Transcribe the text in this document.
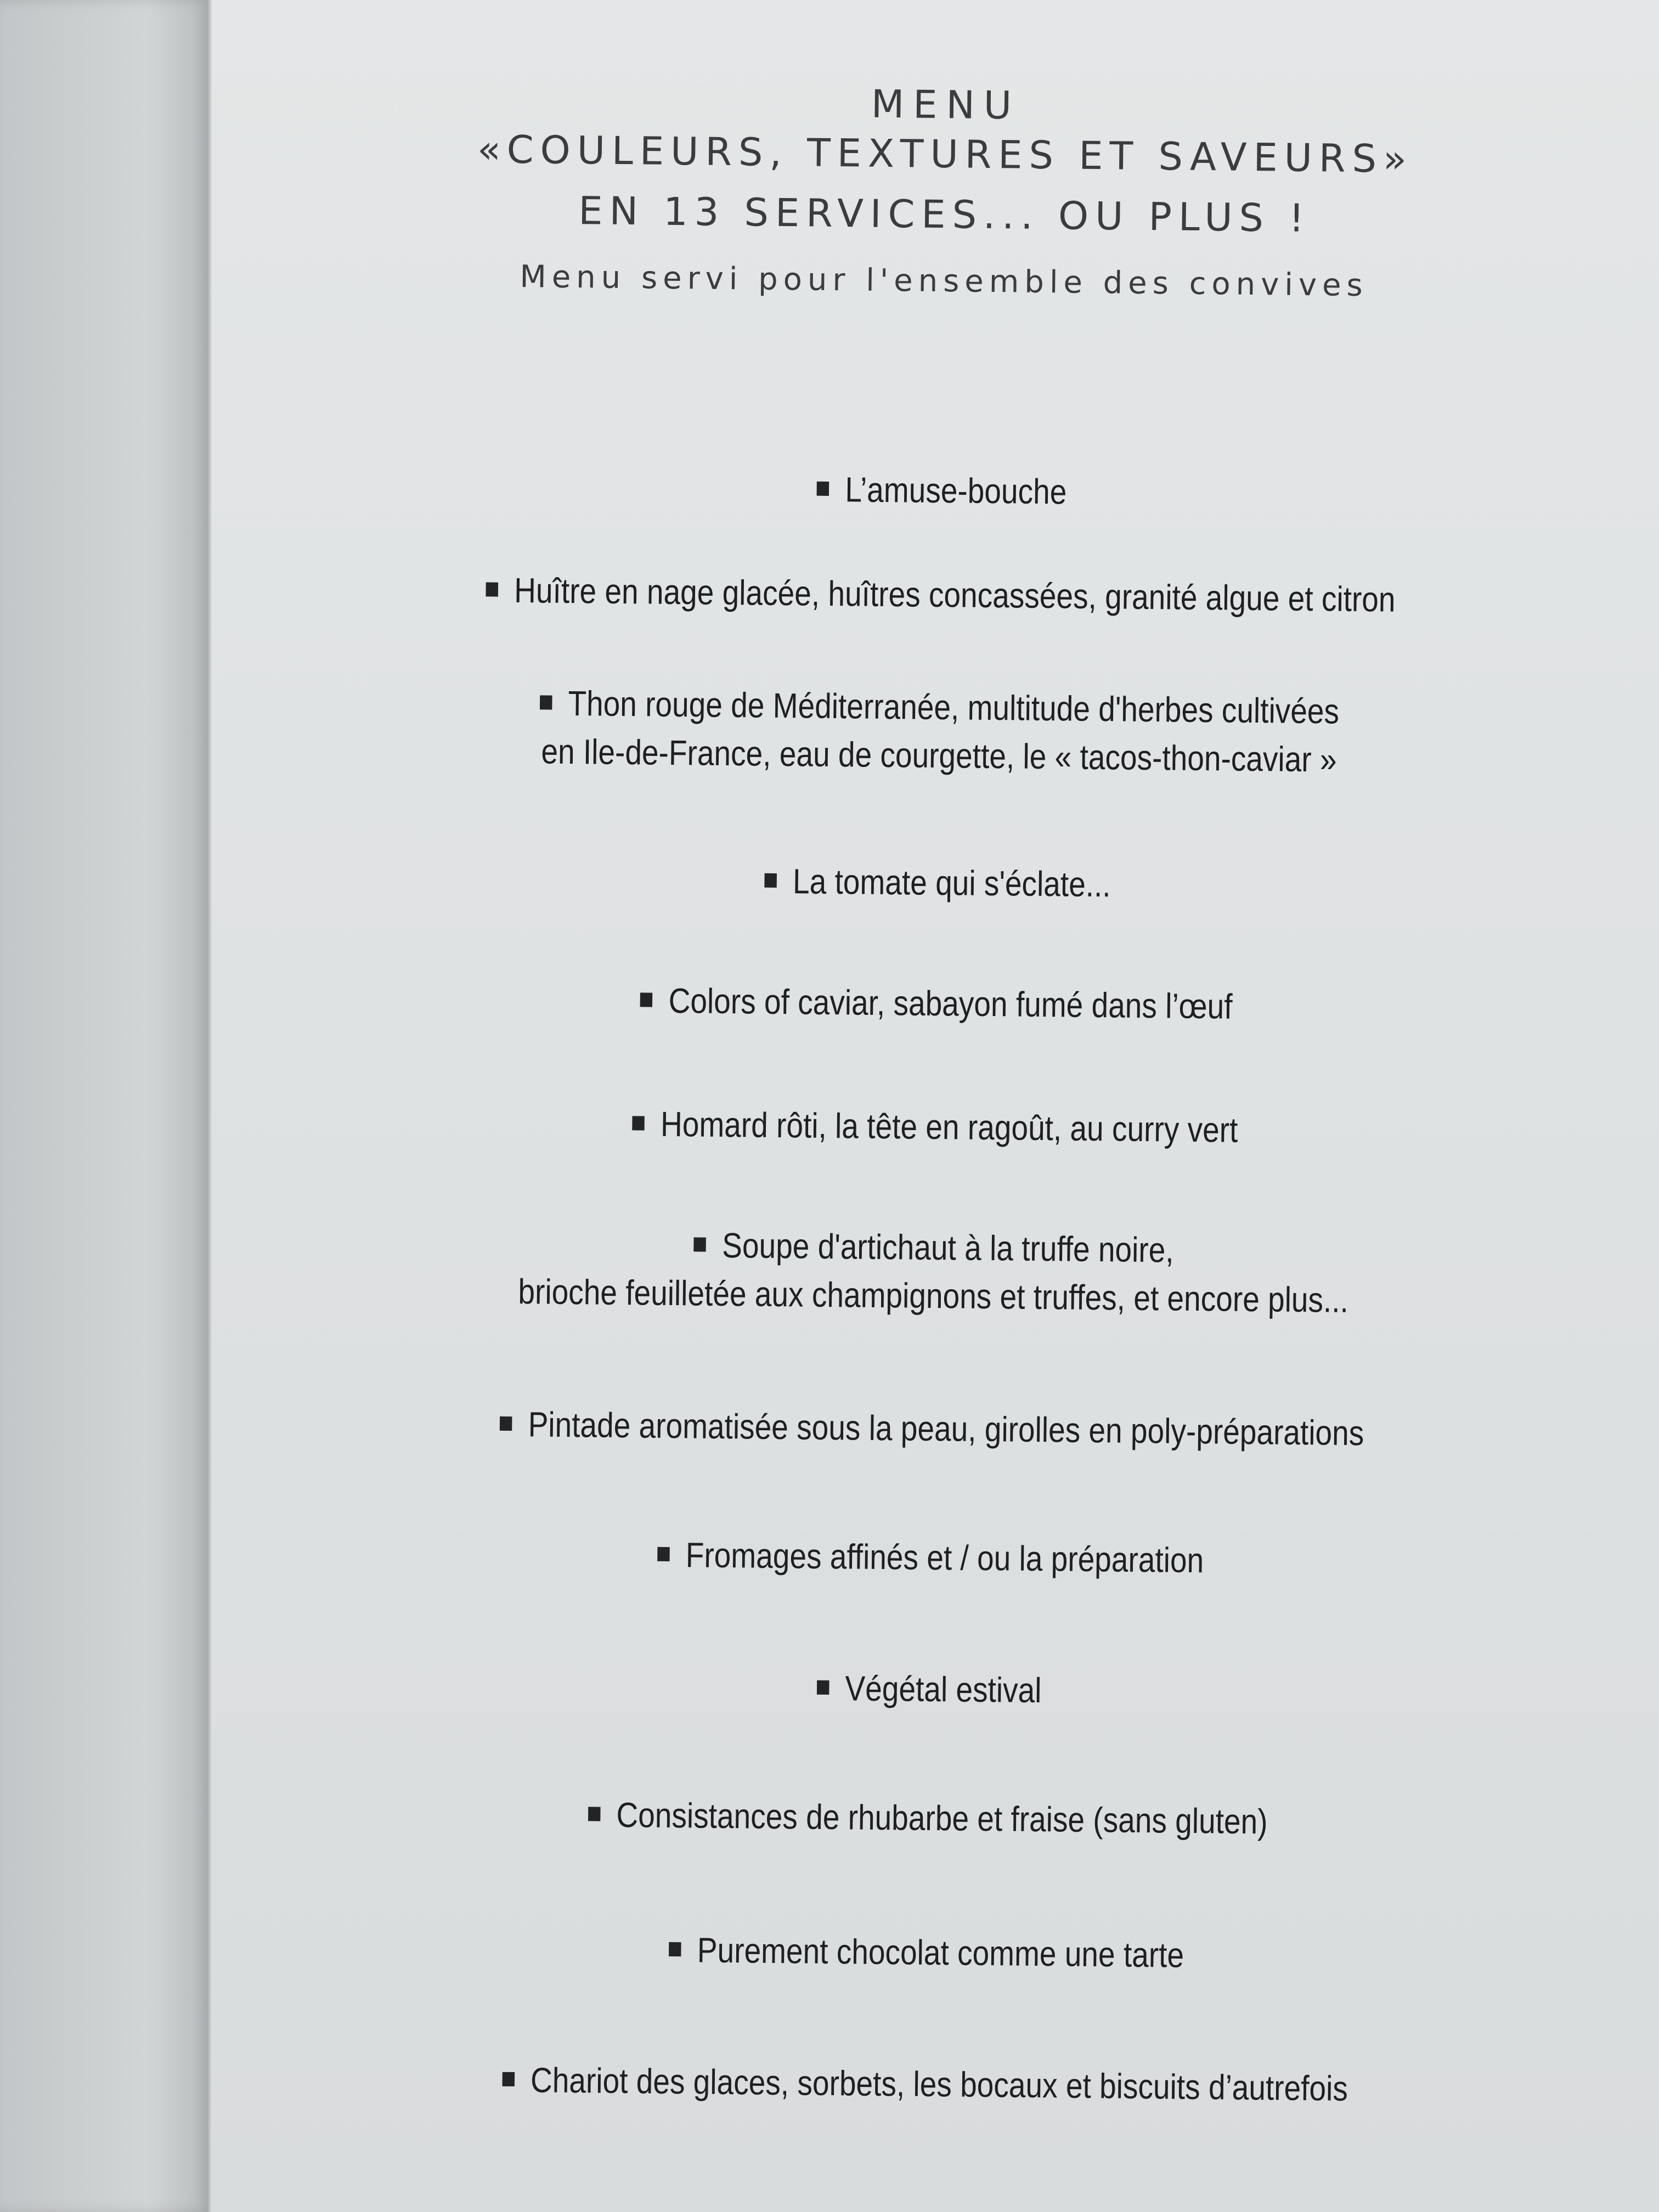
MENU
«COULEURS, TEXTURES ET SAVEURS»
EN 13 SERVICES... OU PLUS !
Menu servi pour l'ensemble des convives
L’amuse-bouche
Huître en nage glacée, huîtres concassées, granité algue et citron
Thon rouge de Méditerranée, multitude d'herbes cultivées
en Ile-de-France, eau de courgette, le « tacos-thon-caviar »
La tomate qui s'éclate...
Colors of caviar, sabayon fumé dans l’œuf
Homard rôti, la tête en ragoût, au curry vert
Soupe d'artichaut à la truffe noire,
brioche feuilletée aux champignons et truffes, et encore plus...
Pintade aromatisée sous la peau, girolles en poly-préparations
Fromages affinés et / ou la préparation
Végétal estival
Consistances de rhubarbe et fraise (sans gluten)
Purement chocolat comme une tarte
Chariot des glaces, sorbets, les bocaux et biscuits d’autrefois
